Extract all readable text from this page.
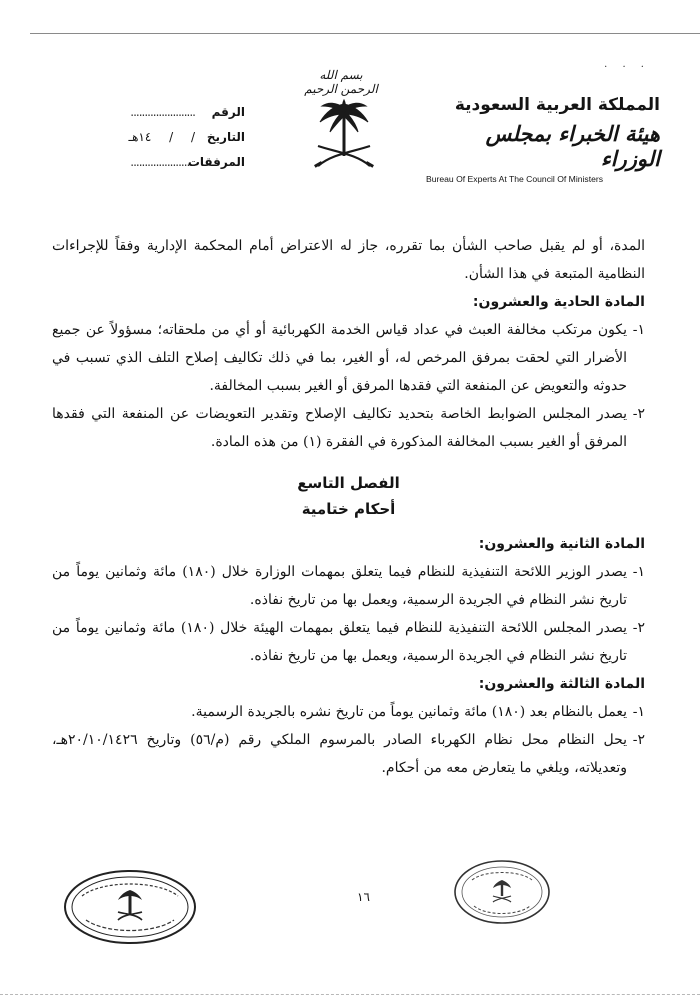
· · ·
المملكة العربية السعودية
هيئة الخبراء بمجلس الوزراء
Bureau Of Experts At The Council Of Ministers
بسم الله الرحمن الرحيم
الرقم.......................
التاريخ/ / ١٤هـ
المرفقات.......................
المدة، أو لم يقبل صاحب الشأن بما تقرره، جاز له الاعتراض أمام المحكمة الإدارية وفقاً للإجراءات النظامية المتبعة في هذا الشأن.
المادة الحادية والعشرون:
١-
يكون مرتكب مخالفة العبث في عداد قياس الخدمة الكهربائية أو أي من ملحقاته؛ مسؤولاً عن جميع الأضرار التي لحقت بمرفق المرخص له، أو الغير، بما في ذلك تكاليف إصلاح التلف الذي تسبب في حدوثه والتعويض عن المنفعة التي فقدها المرفق أو الغير بسبب المخالفة.
٢-
يصدر المجلس الضوابط الخاصة بتحديد تكاليف الإصلاح وتقدير التعويضات عن المنفعة التي فقدها المرفق أو الغير بسبب المخالفة المذكورة في الفقرة (١) من هذه المادة.
الفصل التاسع
أحكام ختامية
المادة الثانية والعشرون:
١-
يصدر الوزير اللائحة التنفيذية للنظام فيما يتعلق بمهمات الوزارة خلال (١٨٠) مائة وثمانين يوماً من تاريخ نشر النظام في الجريدة الرسمية، ويعمل بها من تاريخ نفاذه.
٢-
يصدر المجلس اللائحة التنفيذية للنظام فيما يتعلق بمهمات الهيئة خلال (١٨٠) مائة وثمانين يوماً من تاريخ نشر النظام في الجريدة الرسمية، ويعمل بها من تاريخ نفاذه.
المادة الثالثة والعشرون:
١-
يعمل بالنظام بعد (١٨٠) مائة وثمانين يوماً من تاريخ نشره بالجريدة الرسمية.
٢-
يحل النظام محل نظام الكهرباء الصادر بالمرسوم الملكي رقم (م/٥٦) وتاريخ ٢٠/١٠/١٤٢٦هـ، وتعديلاته، ويلغي ما يتعارض معه من أحكام.
١٦
